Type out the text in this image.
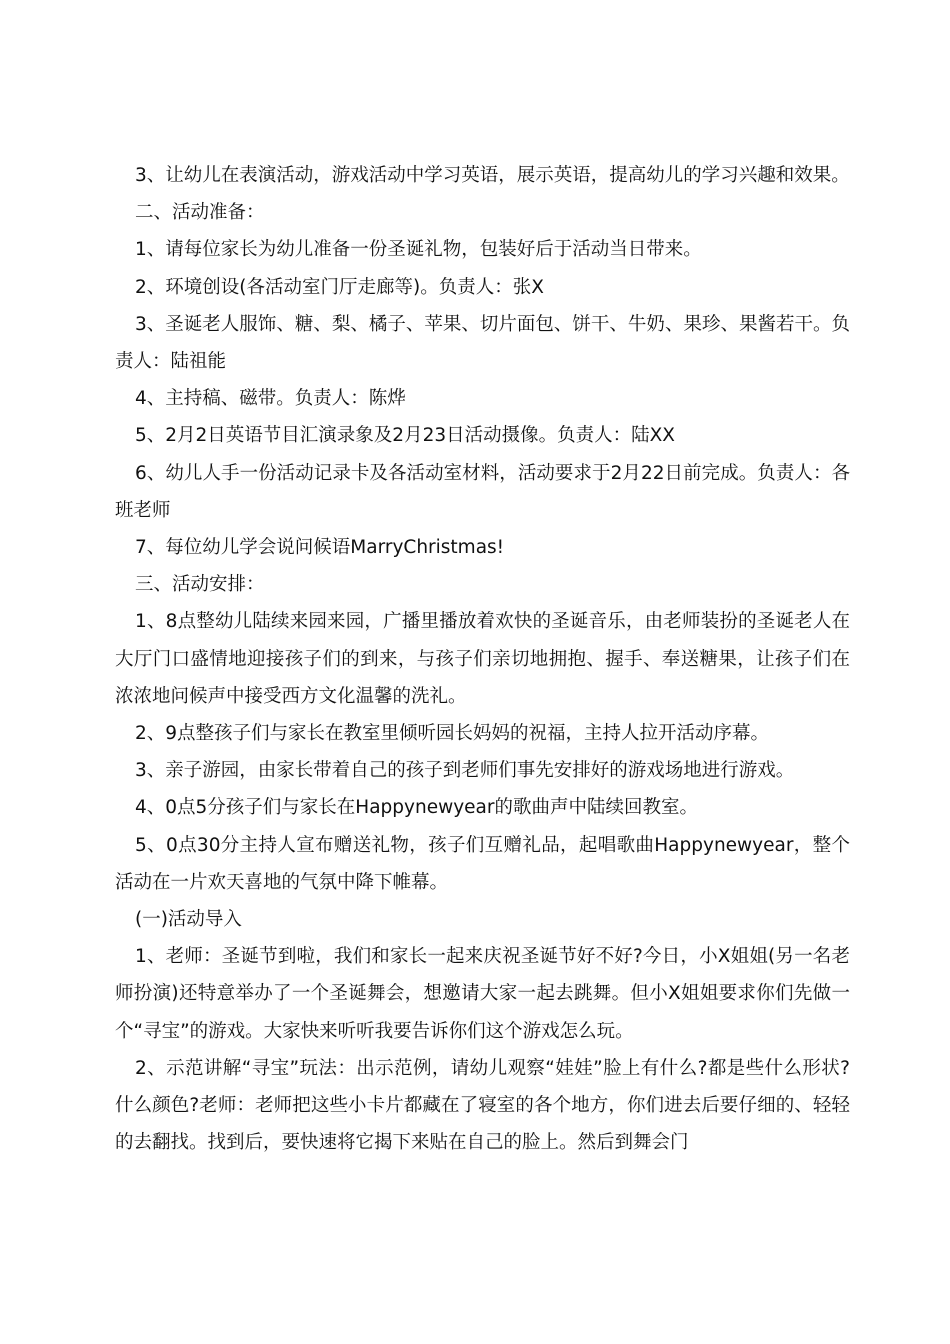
3、让幼儿在表演活动，游戏活动中学习英语，展示英语，提高幼儿的学习兴趣和效果。

二、活动准备：

1、请每位家长为幼儿准备一份圣诞礼物，包装好后于活动当日带来。

2、环境创设(各活动室门厅走廊等)。负责人：张X

3、圣诞老人服饰、糖、梨、橘子、苹果、切片面包、饼干、牛奶、果珍、果酱若干。负责人：陆祖能

4、主持稿、磁带。负责人：陈烨

5、2月2日英语节目汇演录象及2月23日活动摄像。负责人：陆XX

6、幼儿人手一份活动记录卡及各活动室材料，活动要求于2月22日前完成。负责人：各班老师

7、每位幼儿学会说问候语MarryChristmas!

三、活动安排：

1、8点整幼儿陆续来园来园，广播里播放着欢快的圣诞音乐，由老师装扮的圣诞老人在大厅门口盛情地迎接孩子们的到来，与孩子们亲切地拥抱、握手、奉送糖果，让孩子们在浓浓地问候声中接受西方文化温馨的洗礼。

2、9点整孩子们与家长在教室里倾听园长妈妈的祝福，主持人拉开活动序幕。

3、亲子游园，由家长带着自己的孩子到老师们事先安排好的游戏场地进行游戏。

4、0点5分孩子们与家长在Happynewyear的歌曲声中陆续回教室。

5、0点30分主持人宣布赠送礼物，孩子们互赠礼品，起唱歌曲Happynewyear，整个活动在一片欢天喜地的气氛中降下帷幕。

(一)活动导入

1、老师：圣诞节到啦，我们和家长一起来庆祝圣诞节好不好?今日，小X姐姐(另一名老师扮演)还特意举办了一个圣诞舞会，想邀请大家一起去跳舞。但小X姐姐要求你们先做一个“寻宝”的游戏。大家快来听听我要告诉你们这个游戏怎么玩。

2、示范讲解“寻宝”玩法：出示范例，请幼儿观察“娃娃”脸上有什么?都是些什么形状?什么颜色?老师：老师把这些小卡片都藏在了寝室的各个地方，你们进去后要仔细的、轻轻的去翻找。找到后，要快速将它揭下来贴在自己的脸上。然后到舞会门
